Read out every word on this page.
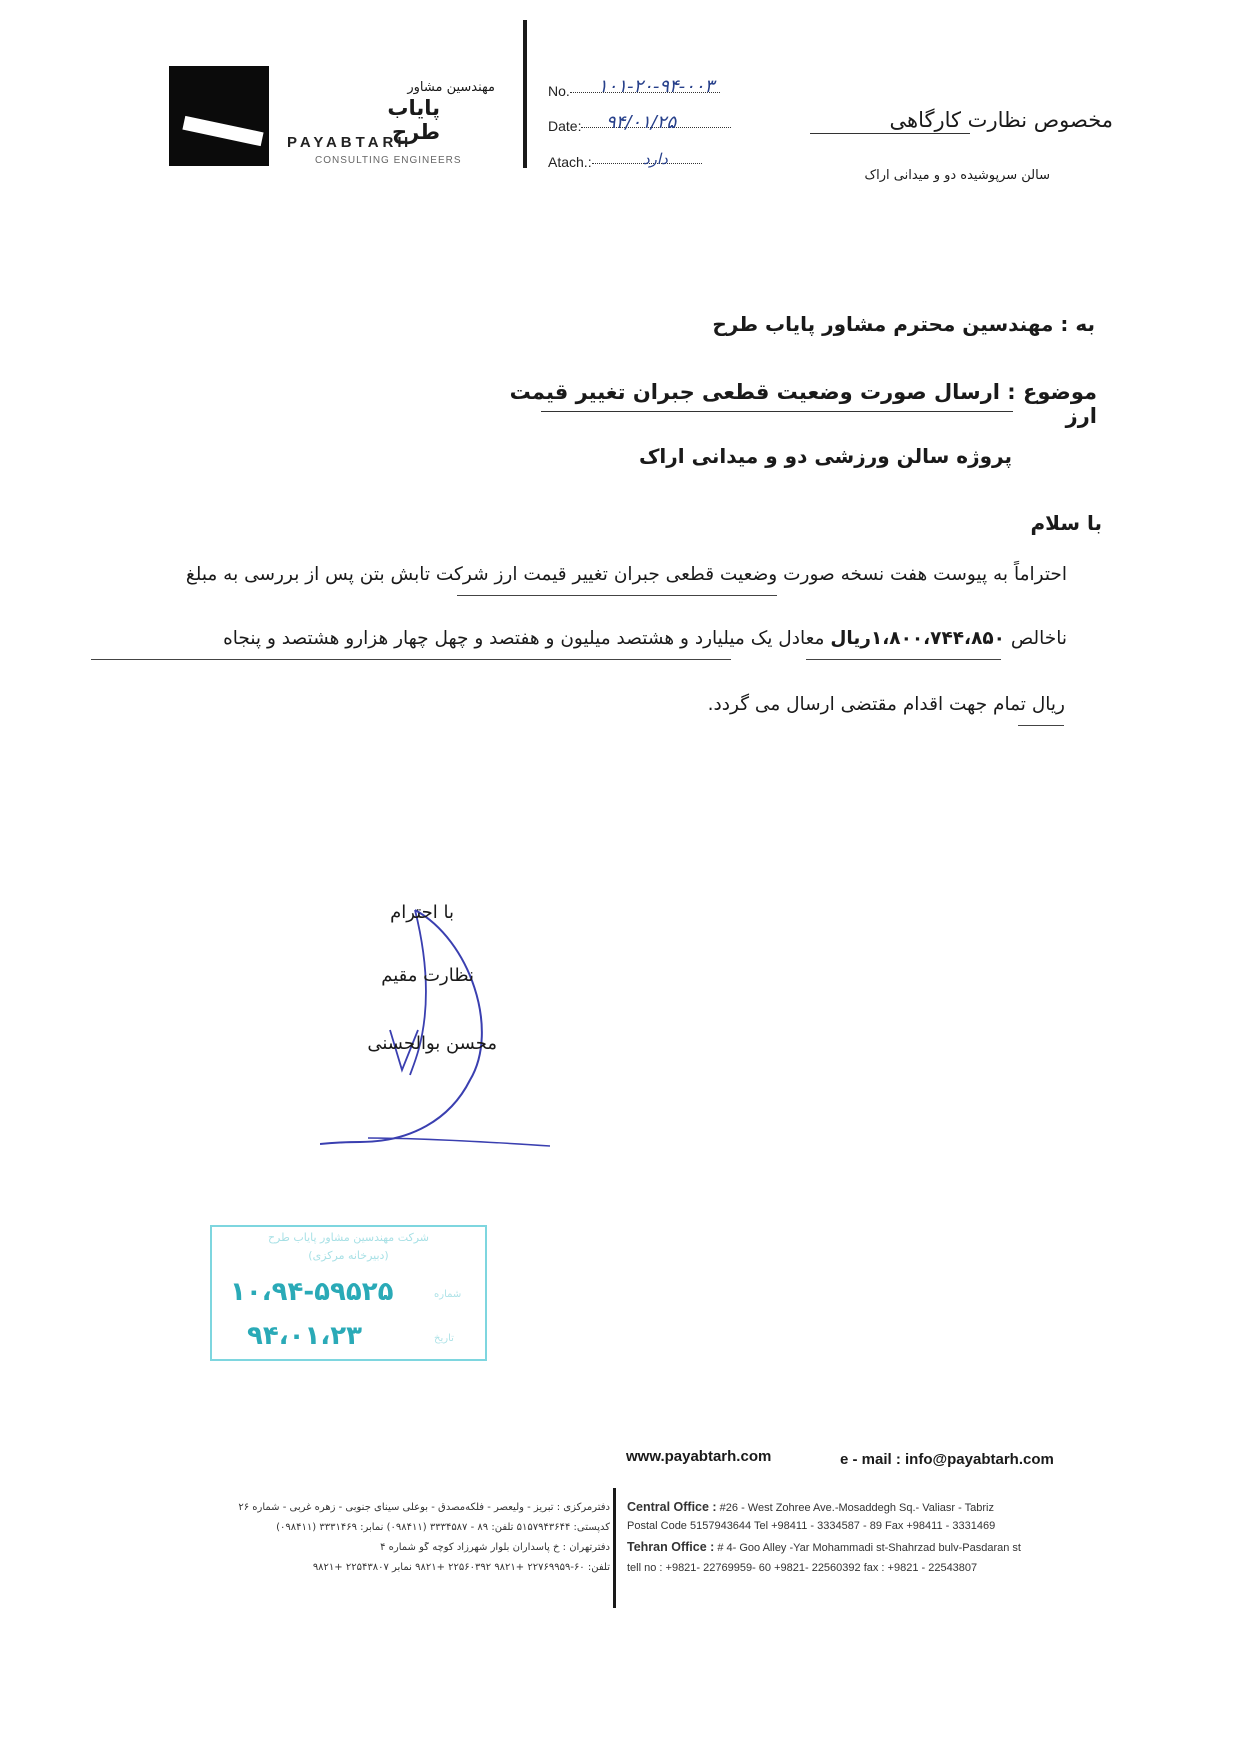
مهندسین مشاور
پایاب طرح
PAYABTARH
CONSULTING ENGINEERS
No. ۱۰۱-۲۰-۹۴-۰۰۳
Date: ۹۴/۰۱/۲۵
Atach.:	دارد
مخصوص نظارت کارگاهی
سالن سرپوشیده دو و میدانی اراک
به : مهندسین محترم مشاور پایاب طرح
موضوع : ارسال صورت وضعیت قطعی جبران تغییر قیمت ارز
پروژه سالن ورزشی دو و میدانی اراک
با سلام
احتراماً به پیوست هفت نسخه صورت وضعیت قطعی جبران تغییر قیمت ارز شرکت تابش بتن پس از بررسی به مبلغ
ناخالص ۱،۸۰۰،۷۴۴،۸۵۰ریال معادل یک میلیارد و هشتصد میلیون و هفتصد و چهل چهار هزارو هشتصد و پنجاه
ریال تمام جهت اقدام مقتضی ارسال می گردد.
با احترام
نظارت مقیم
محسن بوالحسنی
شرکت مهندسین مشاور پایاب طرح
(دبیرخانه مرکزی)
شماره
۱۰،۹۴-۵۹۵۲۵
تاریخ
۹۴،۰۱،۲۳
www.payabtarh.com	e - mail : info@payabtarh.com
Central Office : #26 - West Zohree Ave.-Mosaddegh Sq.- Valiasr - Tabriz
Postal Code 5157943644 Tel +98411 - 3334587 - 89 Fax +98411 - 3331469
Tehran Office : # 4- Goo Alley -Yar Mohammadi st-Shahrzad bulv-Pasdaran st
tell no : +9821- 22769959- 60 +9821- 22560392 fax : +9821 - 22543807
دفترمرکزی : تبریز - ولیعصر - فلکه‌مصدق - بوعلی سینای جنوبی - زهره غربی - شماره ۲۶
کدپستی: ۵۱۵۷۹۴۳۶۴۴ تلفن: ۸۹ - ۳۳۳۴۵۸۷ (۰۹۸۴۱۱) نمابر: ۳۳۳۱۴۶۹ (۰۹۸۴۱۱)
دفترتهران : خ پاسداران بلوار شهرزاد کوچه گو شماره ۴
تلفن: ۶۰-۲۲۷۶۹۹۵۹ +۹۸۲۱ ۲۲۵۶۰۳۹۲ +۹۸۲۱ نمابر ۲۲۵۴۳۸۰۷ +۹۸۲۱
